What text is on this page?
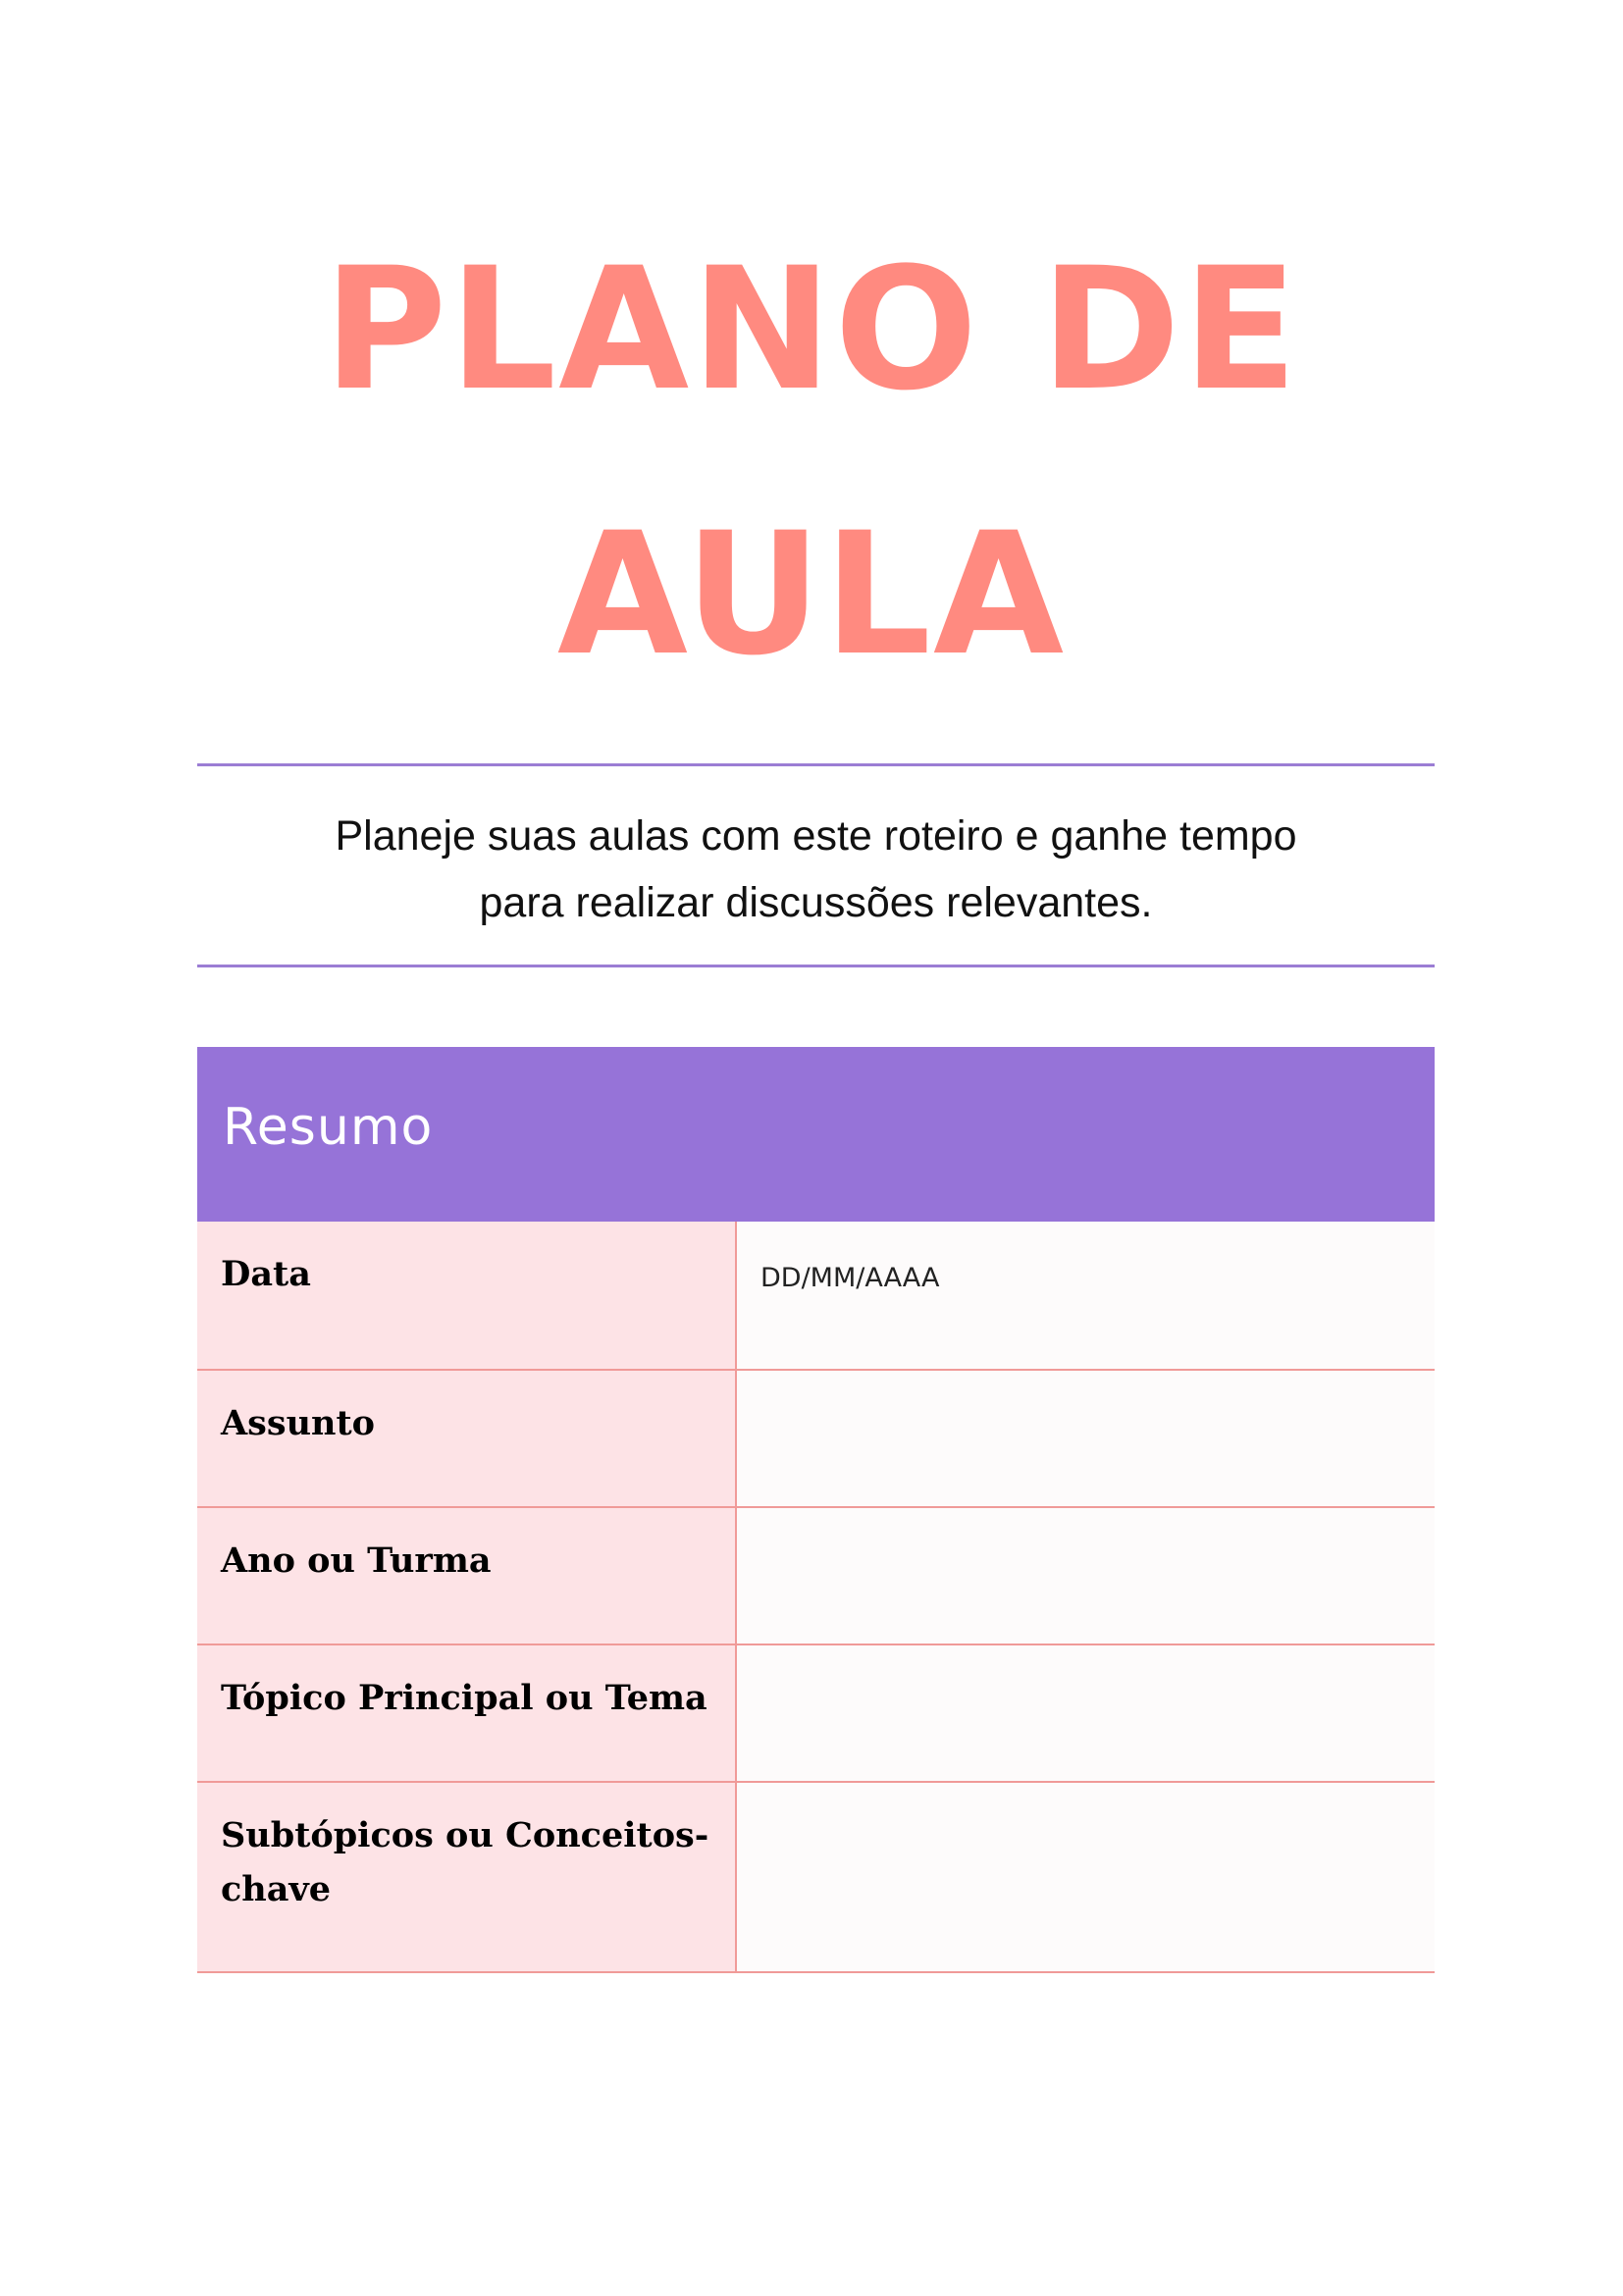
PLANO DE
AULA
Planeje suas aulas com este roteiro e ganhe tempo
para realizar discussões relevantes.
Resumo
Data	DD/MM/AAAA
Assunto
Ano ou Turma
Tópico Principal ou Tema
Subtópicos ou Conceitos-chave
